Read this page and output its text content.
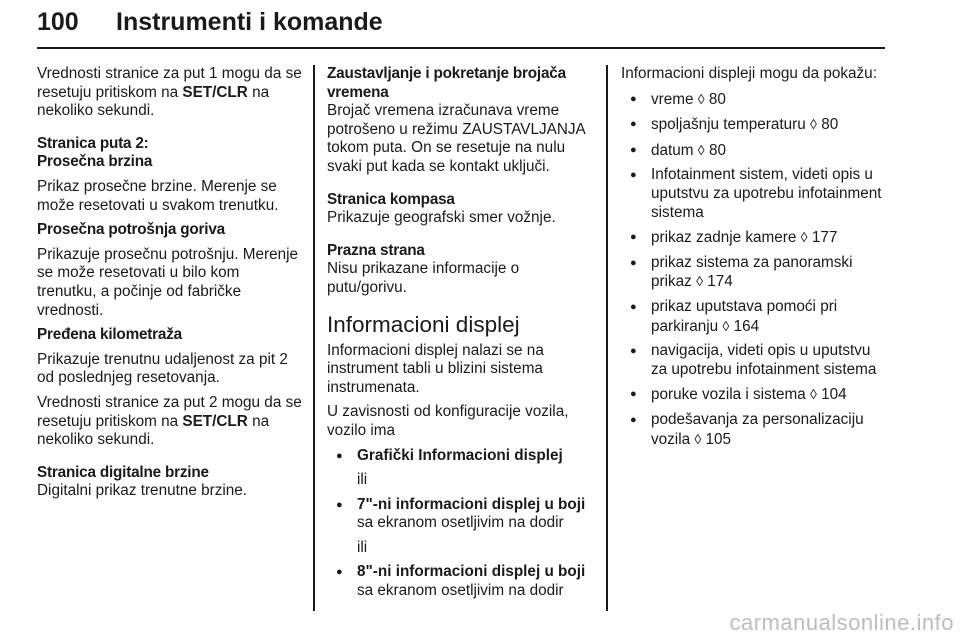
100 Instrumenti i komande

Vrednosti stranice za put 1 mogu da se resetuju pritiskom na SET/CLR na nekoliko sekundi.

Stranica puta 2:

Prosečna brzina

Prikaz prosečne brzine. Merenje se može resetovati u svakom trenutku.

Prosečna potrošnja goriva

Prikazuje prosečnu potrošnju. Merenje se može resetovati u bilo kom trenutku, a počinje od fabričke vrednosti.

Pređena kilometraža

Prikazuje trenutnu udaljenost za pit 2 od poslednjeg resetovanja.

Vrednosti stranice za put 2 mogu da se resetuju pritiskom na SET/CLR na nekoliko sekundi.

Stranica digitalne brzine

Digitalni prikaz trenutne brzine.

Zaustavljanje i pokretanje brojača vremena

Brojač vremena izračunava vreme potrošeno u režimu ZAUSTAVLJANJA tokom puta. On se resetuje na nulu svaki put kada se kontakt uključi.

Stranica kompasa

Prikazuje geografski smer vožnje.

Prazna strana

Nisu prikazane informacije o putu/gorivu.

Informacioni displej

Informacioni displej nalazi se na instrument tabli u blizini sistema instrumenata.

U zavisnosti od konfiguracije vozila, vozilo ima

● Grafički Informacioni displej

ili

● 7"-ni informacioni displej u boji sa ekranom osetljivim na dodir

ili

● 8"-ni informacioni displej u boji sa ekranom osetljivim na dodir

Informacioni displeji mogu da pokažu:

● vreme ◊ 80
● spoljašnju temperaturu ◊ 80
● datum ◊ 80
● Infotainment sistem, videti opis u uputstvu za upotrebu infotainment sistema
● prikaz zadnje kamere ◊ 177
● prikaz sistema za panoramski prikaz ◊ 174
● prikaz uputstava pomoći pri parkiranju ◊ 164
● navigacija, videti opis u uputstvu za upotrebu infotainment sistema
● poruke vozila i sistema ◊ 104
● podešavanja za personalizaciju vozila ◊ 105
carmanualsonline.info
